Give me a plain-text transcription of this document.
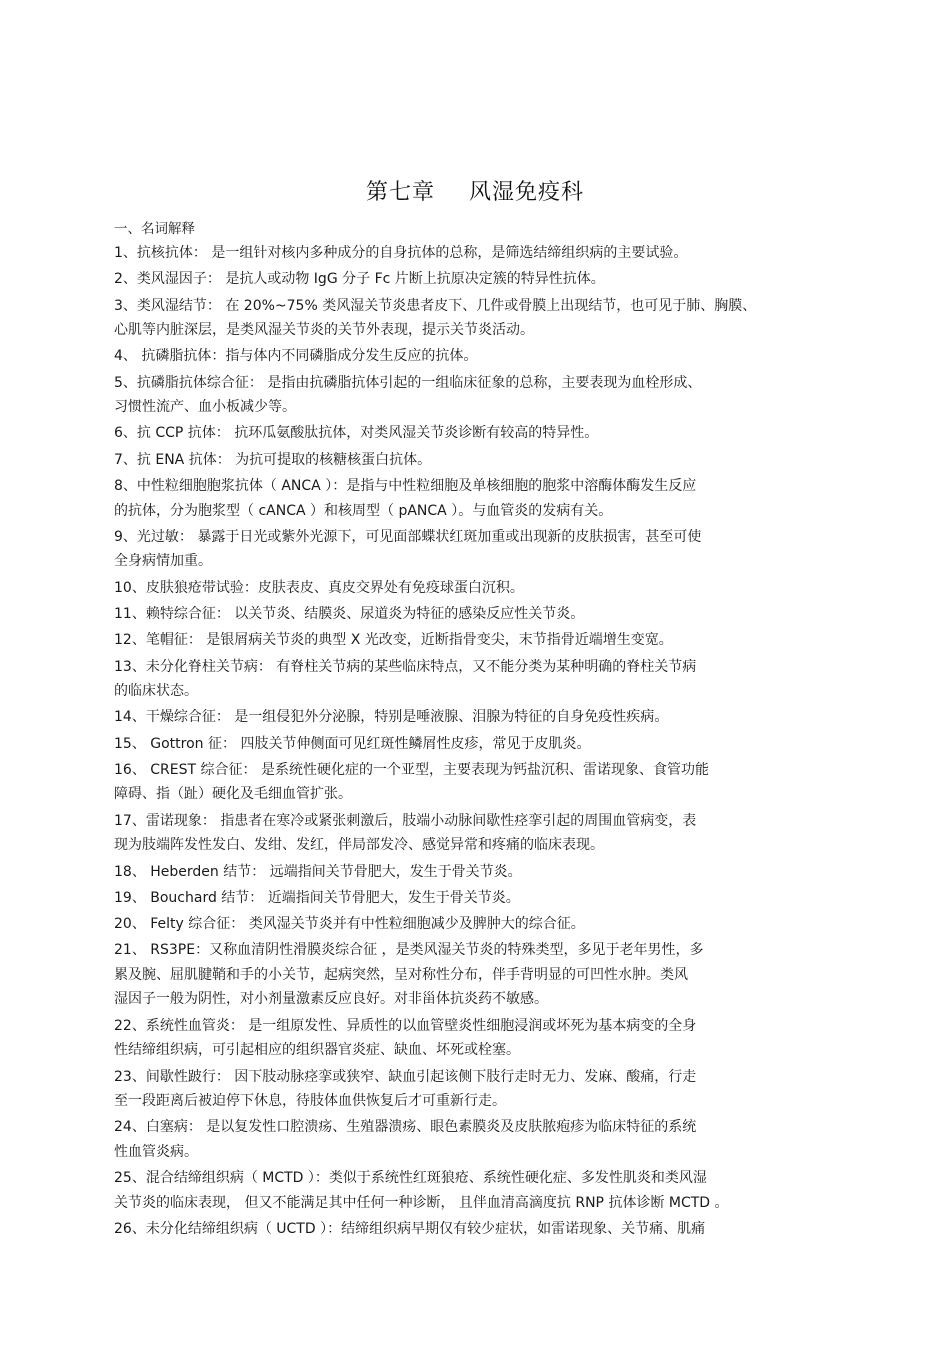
第七章 风湿免疫科
一、名词解释

1、抗核抗体： 是一组针对核内多种成分的自身抗体的总称，是筛选结缔组织病的主要试验。

2、类风湿因子： 是抗人或动物 IgG 分子 Fc 片断上抗原决定簇的特异性抗体。

3、类风湿结节： 在 20%~75% 类风湿关节炎患者皮下、几件或骨膜上出现结节，也可见于肺、胸膜、

心肌等内脏深层，是类风湿关节炎的关节外表现，提示关节炎活动。

4、 抗磷脂抗体：指与体内不同磷脂成分发生反应的抗体。

5、抗磷脂抗体综合征： 是指由抗磷脂抗体引起的一组临床征象的总称，主要表现为血栓形成、

习惯性流产、血小板减少等。

6、抗 CCP 抗体： 抗环瓜氨酸肽抗体，对类风湿关节炎诊断有较高的特异性。

7、抗 ENA 抗体： 为抗可提取的核糖核蛋白抗体。

8、中性粒细胞胞浆抗体（ ANCA ）：是指与中性粒细胞及单核细胞的胞浆中溶酶体酶发生反应

的抗体，分为胞浆型（ cANCA ）和核周型（ pANCA ）。与血管炎的发病有关。

9、光过敏： 暴露于日光或紫外光源下，可见面部蝶状红斑加重或出现新的皮肤损害，甚至可使

全身病情加重。

10、皮肤狼疮带试验：皮肤表皮、真皮交界处有免疫球蛋白沉积。

11、赖特综合征： 以关节炎、结膜炎、尿道炎为特征的感染反应性关节炎。

12、笔帽征： 是银屑病关节炎的典型 X 光改变，近断指骨变尖，末节指骨近端增生变宽。

13、未分化脊柱关节病： 有脊柱关节病的某些临床特点，又不能分类为某种明确的脊柱关节病

的临床状态。

14、干燥综合征： 是一组侵犯外分泌腺，特别是唾液腺、泪腺为特征的自身免疫性疾病。

15、 Gottron 征： 四肢关节伸侧面可见红斑性鳞屑性皮疹，常见于皮肌炎。

16、 CREST 综合征： 是系统性硬化症的一个亚型，主要表现为钙盐沉积、雷诺现象、食管功能

障碍、指（趾）硬化及毛细血管扩张。

17、雷诺现象： 指患者在寒冷或紧张刺激后，肢端小动脉间歇性痉挛引起的周围血管病变，表

现为肢端阵发性发白、发绀、发红，伴局部发冷、感觉异常和疼痛的临床表现。

18、 Heberden 结节： 远端指间关节骨肥大，发生于骨关节炎。

19、 Bouchard 结节： 近端指间关节骨肥大，发生于骨关节炎。

20、 Felty 综合征： 类风湿关节炎并有中性粒细胞减少及脾肿大的综合征。

21、 RS3PE：又称血清阴性滑膜炎综合征 ，是类风湿关节炎的特殊类型，多见于老年男性，多

累及腕、屈肌腱鞘和手的小关节，起病突然，呈对称性分布，伴手背明显的可凹性水肿。类风

湿因子一般为阴性，对小剂量激素反应良好。对非甾体抗炎药不敏感。

22、系统性血管炎： 是一组原发性、异质性的以血管壁炎性细胞浸润或坏死为基本病变的全身

性结缔组织病，可引起相应的组织器官炎症、缺血、坏死或栓塞。

23、间歇性跛行： 因下肢动脉痉挛或狭窄、缺血引起该侧下肢行走时无力、发麻、酸痛，行走

至一段距离后被迫停下休息，待肢体血供恢复后才可重新行走。

24、白塞病： 是以复发性口腔溃疡、生殖器溃疡、眼色素膜炎及皮肤脓疱疹为临床特征的系统

性血管炎病。

25、混合结缔组织病（ MCTD ）：类似于系统性红斑狼疮、系统性硬化症、多发性肌炎和类风湿

关节炎的临床表现， 但又不能满足其中任何一种诊断， 且伴血清高滴度抗 RNP 抗体诊断 MCTD 。

26、未分化结缔组织病（ UCTD ）：结缔组织病早期仅有较少症状，如雷诺现象、关节痛、肌痛
